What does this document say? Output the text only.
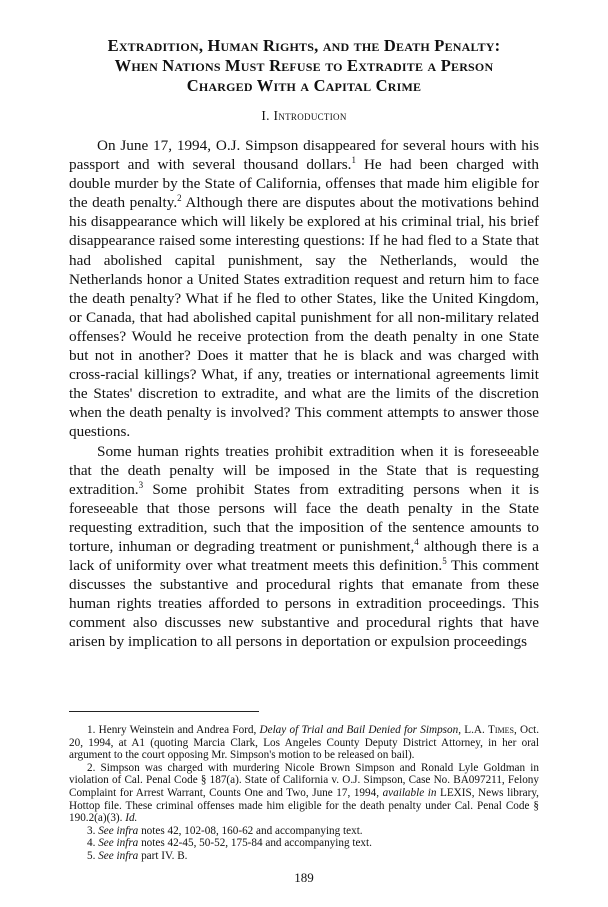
Extradition, Human Rights, and the Death Penalty:
When Nations Must Refuse to Extradite a Person
Charged With a Capital Crime
I. Introduction

On June 17, 1994, O.J. Simpson disappeared for several hours with his passport and with several thousand dollars.$^1$ He had been charged with double murder by the State of California, offenses that made him eligible for the death penalty.$^2$ Although there are disputes about the motivations behind his disappearance which will likely be explored at his criminal trial, his brief disappearance raised some interesting questions: If he had fled to a State that had abolished capital punishment, say the Netherlands, would the Netherlands honor a United States extradition request and return him to face the death penalty? What if he fled to other States, like the United Kingdom, or Canada, that had abolished capital punishment for all non-military related offenses? Would he receive protection from the death penalty in one State but not in another? Does it matter that he is black and was charged with cross-racial killings? What, if any, treaties or international agreements limit the States' discretion to extradite, and what are the limits of the discretion when the death penalty is involved? This comment attempts to answer those questions.

Some human rights treaties prohibit extradition when it is foreseeable that the death penalty will be imposed in the State that is requesting extradition.$^3$ Some prohibit States from extraditing persons when it is foreseeable that those persons will face the death penalty in the State requesting extradition, such that the imposition of the sentence amounts to torture, inhuman or degrading treatment or punishment,$^4$ although there is a lack of uniformity over what treatment meets this definition.$^5$ This comment discusses the substantive and procedural rights that emanate from these human rights treaties afforded to persons in extradition proceedings. This comment also discusses new substantive and procedural rights that have arisen by implication to all persons in deportation or expulsion proceedings

1. Henry Weinstein and Andrea Ford, Delay of Trial and Bail Denied for Simpson, L.A. Times, Oct. 20, 1994, at A1 (quoting Marcia Clark, Los Angeles County Deputy District Attorney, in her oral argument to the court opposing Mr. Simpson's motion to be released on bail).

2. Simpson was charged with murdering Nicole Brown Simpson and Ronald Lyle Goldman in violation of Cal. Penal Code § 187(a). State of California v. O.J. Simpson, Case No. BA097211, Felony Complaint for Arrest Warrant, Counts One and Two, June 17, 1994, available in LEXIS, News library, Hottop file. These criminal offenses made him eligible for the death penalty under Cal. Penal Code § 190.2(a)(3). Id.

3. See infra notes 42, 102-08, 160-62 and accompanying text.

4. See infra notes 42-45, 50-52, 175-84 and accompanying text.

5. See infra part IV. B.

189
